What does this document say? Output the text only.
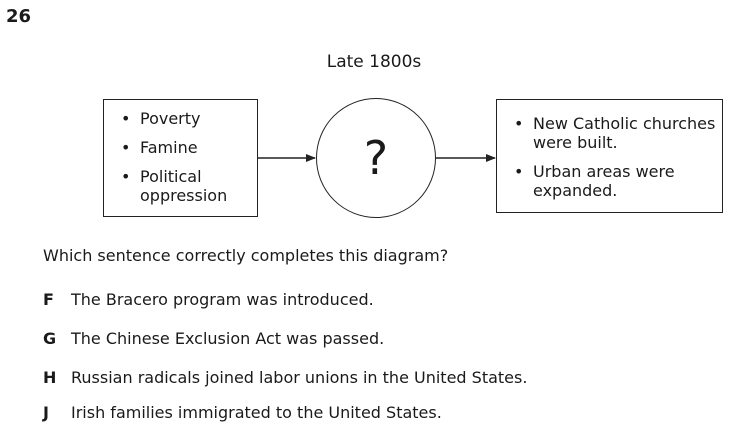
26
Late 1800s
• Poverty
• Famine
• Political oppression
?
• New Catholic churches were built.
• Urban areas were expanded.
Which sentence correctly completes this diagram?
F The Bracero program was introduced.
G The Chinese Exclusion Act was passed.
H Russian radicals joined labor unions in the United States.
J Irish families immigrated to the United States.
